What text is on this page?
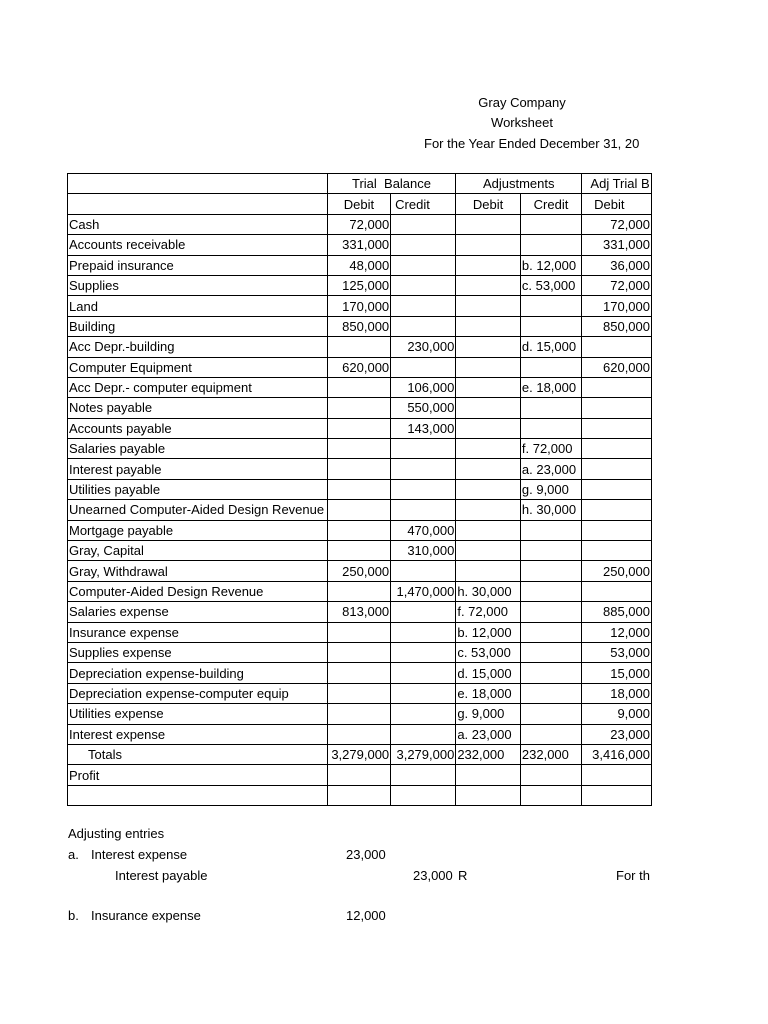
Gray Company
Worksheet
For the Year Ended December 31, 20
	Trial  Balance		Adjustments		Adj Trial B
	Debit	Credit	Debit	Credit	Debit
Cash	72,000				72,000
Accounts receivable	331,000				331,000
Prepaid insurance	48,000			b. 12,000	36,000
Supplies	125,000			c. 53,000	72,000
Land	170,000				170,000
Building	850,000				850,000
Acc Depr.-building		230,000		d. 15,000	
Computer Equipment	620,000				620,000
Acc Depr.- computer equipment		106,000		e. 18,000	
Notes payable		550,000			
Accounts payable		143,000			
Salaries payable				f. 72,000	
Interest payable				a. 23,000	
Utilities payable				g. 9,000	
Unearned Computer-Aided Design Revenue				h. 30,000	
Mortgage payable		470,000			
Gray, Capital		310,000			
Gray, Withdrawal	250,000				250,000
Computer-Aided Design Revenue		1,470,000	h. 30,000		
Salaries expense	813,000		f. 72,000		885,000
Insurance expense			b. 12,000		12,000
Supplies expense			c. 53,000		53,000
Depreciation expense-building			d. 15,000		15,000
Depreciation expense-computer equip			e. 18,000		18,000
Utilities expense			g. 9,000		9,000
Interest expense			a. 23,000		23,000
Totals	3,279,000	3,279,000	232,000	232,000	3,416,000
Profit					

Adjusting entries
a. Interest expense	23,000
Interest payable	23,000 R	For th
b. Insurance expense	12,000
